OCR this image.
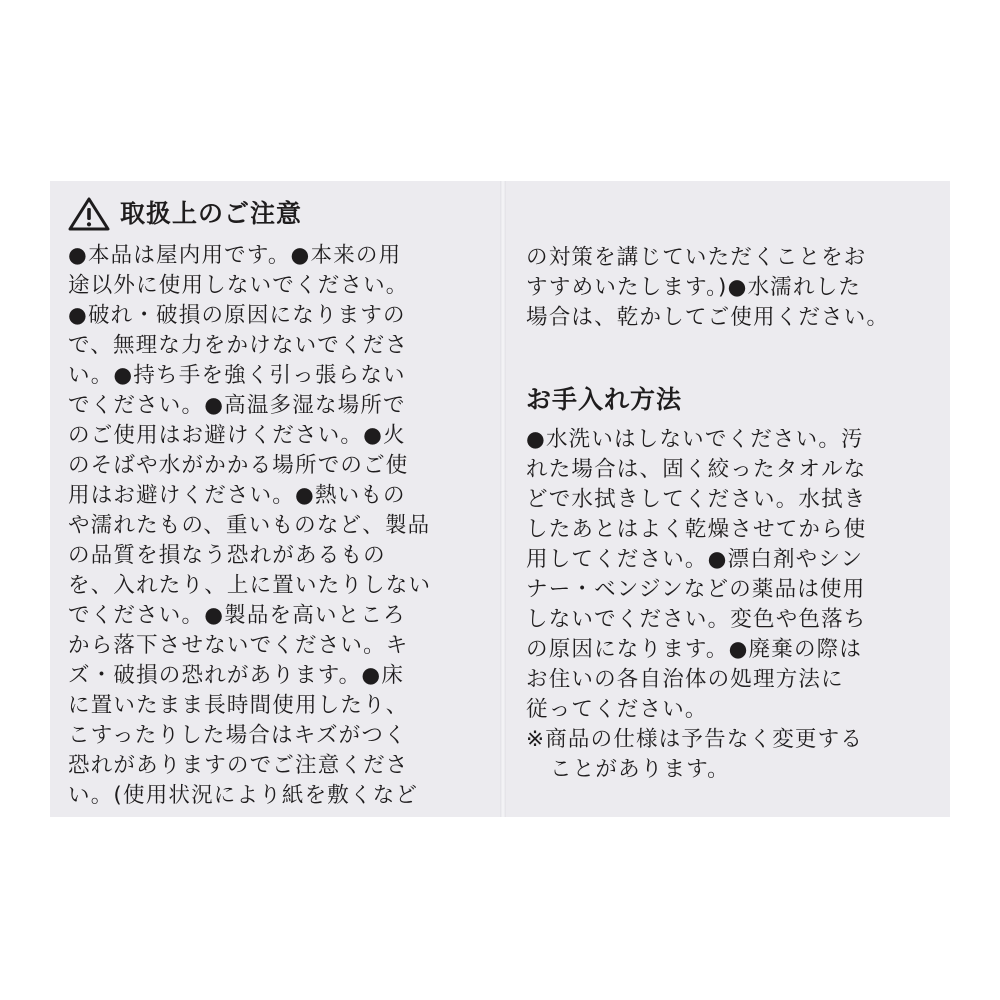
取扱上のご注意
●本品は屋内用です。●本来の用
途以外に使用しないでください。
●破れ・破損の原因になりますの
で、無理な力をかけないでくださ
い。●持ち手を強く引っ張らない
でください。●高温多湿な場所で
のご使用はお避けください。●火
のそばや水がかかる場所でのご使
用はお避けください。●熱いもの
や濡れたもの、重いものなど、製品
の品質を損なう恐れがあるもの
を、入れたり、上に置いたりしない
でください。●製品を高いところ
から落下させないでください。キ
ズ・破損の恐れがあります。●床
に置いたまま長時間使用したり、
こすったりした場合はキズがつく
恐れがありますのでご注意くださ
い。(使用状況により紙を敷くなど
の対策を講じていただくことをお
すすめいたします。)●水濡れした
場合は、乾かしてご使用ください。
お手入れ方法
●水洗いはしないでください。汚
れた場合は、固く絞ったタオルな
どで水拭きしてください。水拭き
したあとはよく乾燥させてから使
用してください。●漂白剤やシン
ナー・ベンジンなどの薬品は使用
しないでください。変色や色落ち
の原因になります。●廃棄の際は
お住いの各自治体の処理方法に
従ってください。
※商品の仕様は予告なく変更する
ことがあります。
